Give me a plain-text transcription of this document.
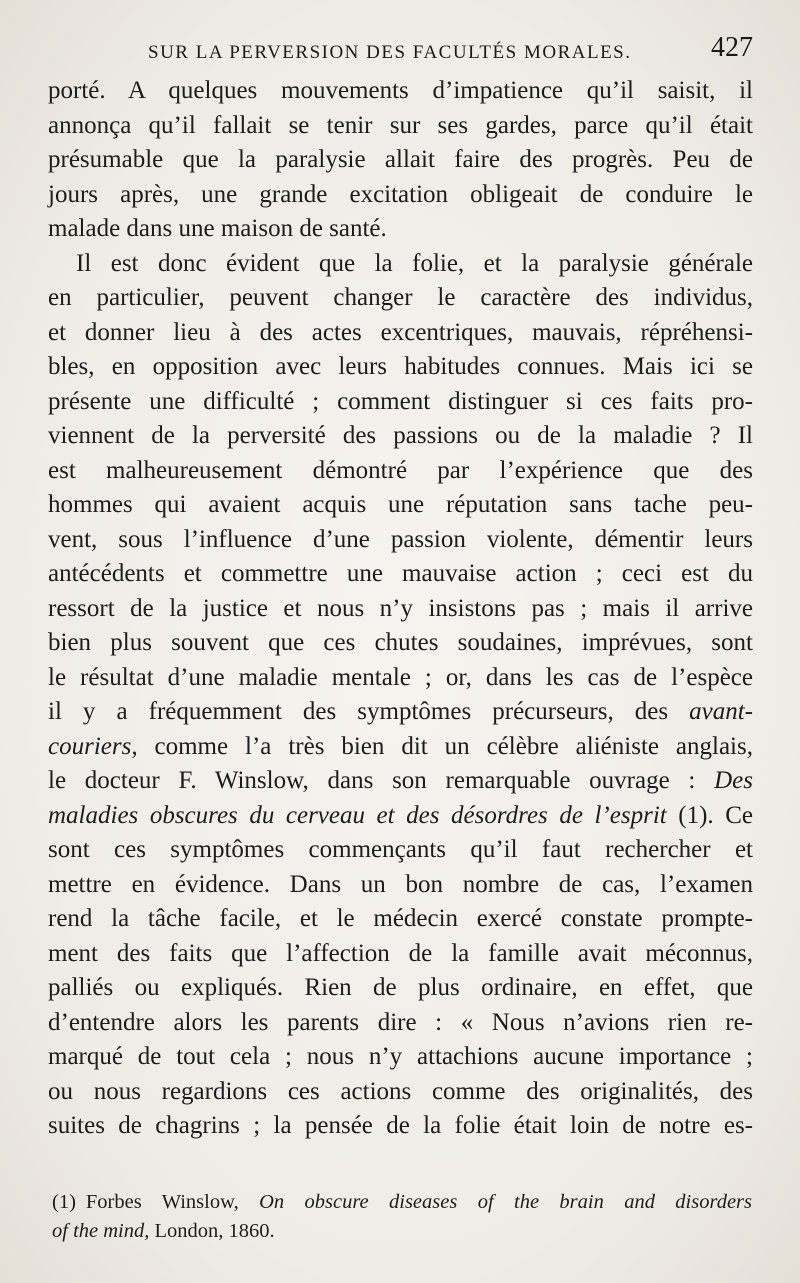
SUR LA PERVERSION DES FACULTÉS MORALES.	427
porté. A quelques mouvements d’impatience qu’il saisit, il
annonça qu’il fallait se tenir sur ses gardes, parce qu’il était
présumable que la paralysie allait faire des progrès. Peu de
jours après, une grande excitation obligeait de conduire le
malade dans une maison de santé.
Il est donc évident que la folie, et la paralysie générale
en particulier, peuvent changer le caractère des individus,
et donner lieu à des actes excentriques, mauvais, répréhensi-
bles, en opposition avec leurs habitudes connues. Mais ici se
présente une difficulté ; comment distinguer si ces faits pro-
viennent de la perversité des passions ou de la maladie ? Il
est malheureusement démontré par l’expérience que des
hommes qui avaient acquis une réputation sans tache peu-
vent, sous l’influence d’une passion violente, démentir leurs
antécédents et commettre une mauvaise action ; ceci est du
ressort de la justice et nous n’y insistons pas ; mais il arrive
bien plus souvent que ces chutes soudaines, imprévues, sont
le résultat d’une maladie mentale ; or, dans les cas de l’espèce
il y a fréquemment des symptômes précurseurs, des avant-
couriers, comme l’a très bien dit un célèbre aliéniste anglais,
le docteur F. Winslow, dans son remarquable ouvrage : Des
maladies obscures du cerveau et des désordres de l’esprit (1). Ce
sont ces symptômes commençants qu’il faut rechercher et
mettre en évidence. Dans un bon nombre de cas, l’examen
rend la tâche facile, et le médecin exercé constate prompte-
ment des faits que l’affection de la famille avait méconnus,
palliés ou expliqués. Rien de plus ordinaire, en effet, que
d’entendre alors les parents dire : « Nous n’avions rien re-
marqué de tout cela ; nous n’y attachions aucune importance ;
ou nous regardions ces actions comme des originalités, des
suites de chagrins ; la pensée de la folie était loin de notre es-
(1) Forbes Winslow, On obscure diseases of the brain and disorders
of the mind, London, 1860.
